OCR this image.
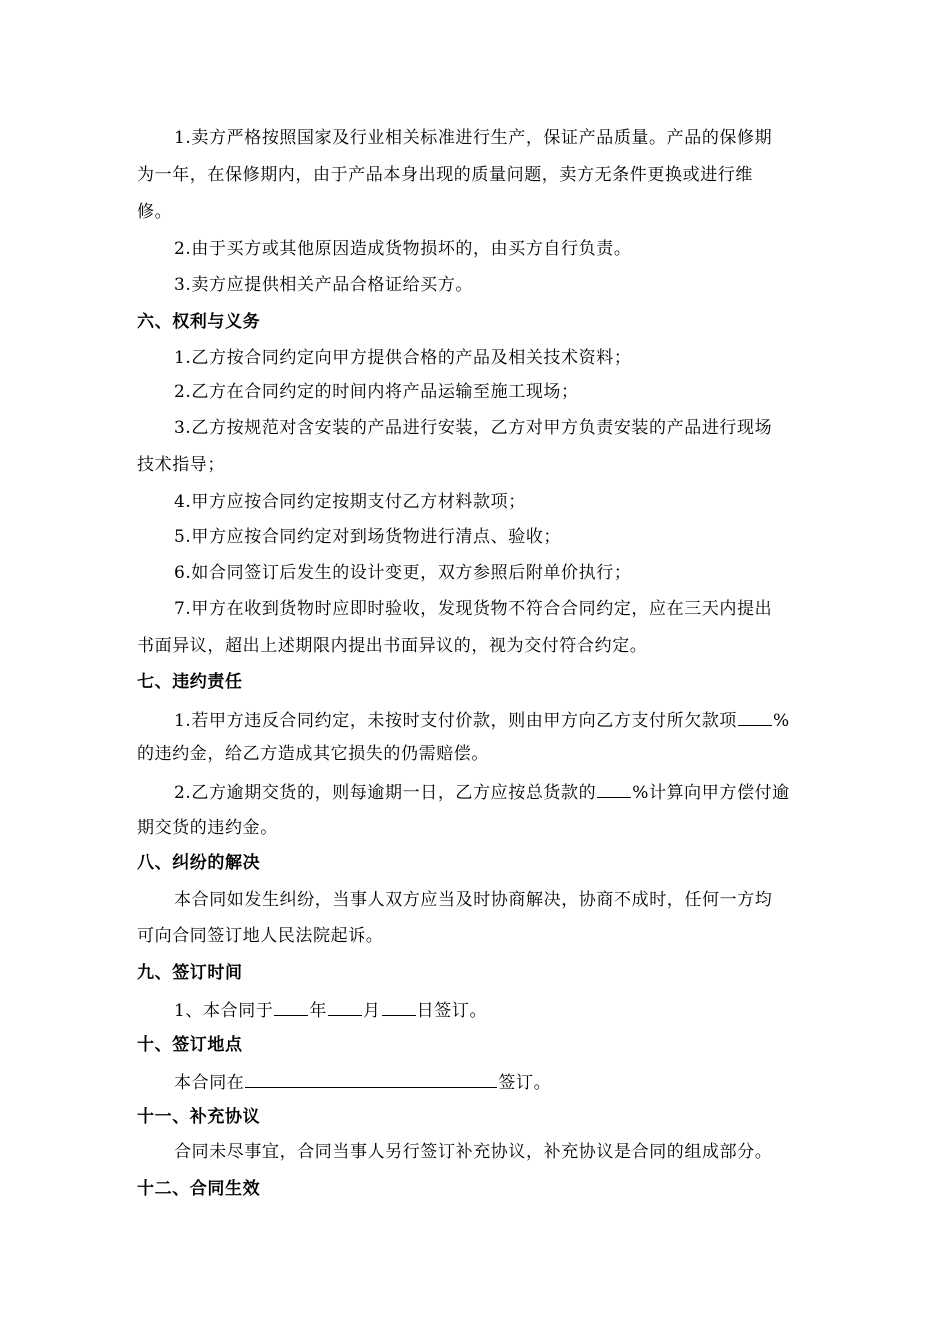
1.卖方严格按照国家及行业相关标准进行生产，保证产品质量。产品的保修期
为一年，在保修期内，由于产品本身出现的质量问题，卖方无条件更换或进行维
修。
2.由于买方或其他原因造成货物损坏的，由买方自行负责。
3.卖方应提供相关产品合格证给买方。
六、权利与义务
1.乙方按合同约定向甲方提供合格的产品及相关技术资料；
2.乙方在合同约定的时间内将产品运输至施工现场；
3.乙方按规范对含安装的产品进行安装，乙方对甲方负责安装的产品进行现场
技术指导；
4.甲方应按合同约定按期支付乙方材料款项；
5.甲方应按合同约定对到场货物进行清点、验收；
6.如合同签订后发生的设计变更，双方参照后附单价执行；
7.甲方在收到货物时应即时验收，发现货物不符合合同约定，应在三天内提出
书面异议，超出上述期限内提出书面异议的，视为交付符合约定。
七、违约责任
1.若甲方违反合同约定，未按时支付价款，则由甲方向乙方支付所欠款项 %
的违约金，给乙方造成其它损失的仍需赔偿。
2.乙方逾期交货的，则每逾期一日，乙方应按总货款的 %计算向甲方偿付逾
期交货的违约金。
八、纠纷的解决
本合同如发生纠纷，当事人双方应当及时协商解决，协商不成时，任何一方均
可向合同签订地人民法院起诉。
九、签订时间
1、本合同于 年 月 日签订。
十、签订地点
本合同在	签订。
十一、补充协议
合同未尽事宜，合同当事人另行签订补充协议，补充协议是合同的组成部分。
十二、合同生效
